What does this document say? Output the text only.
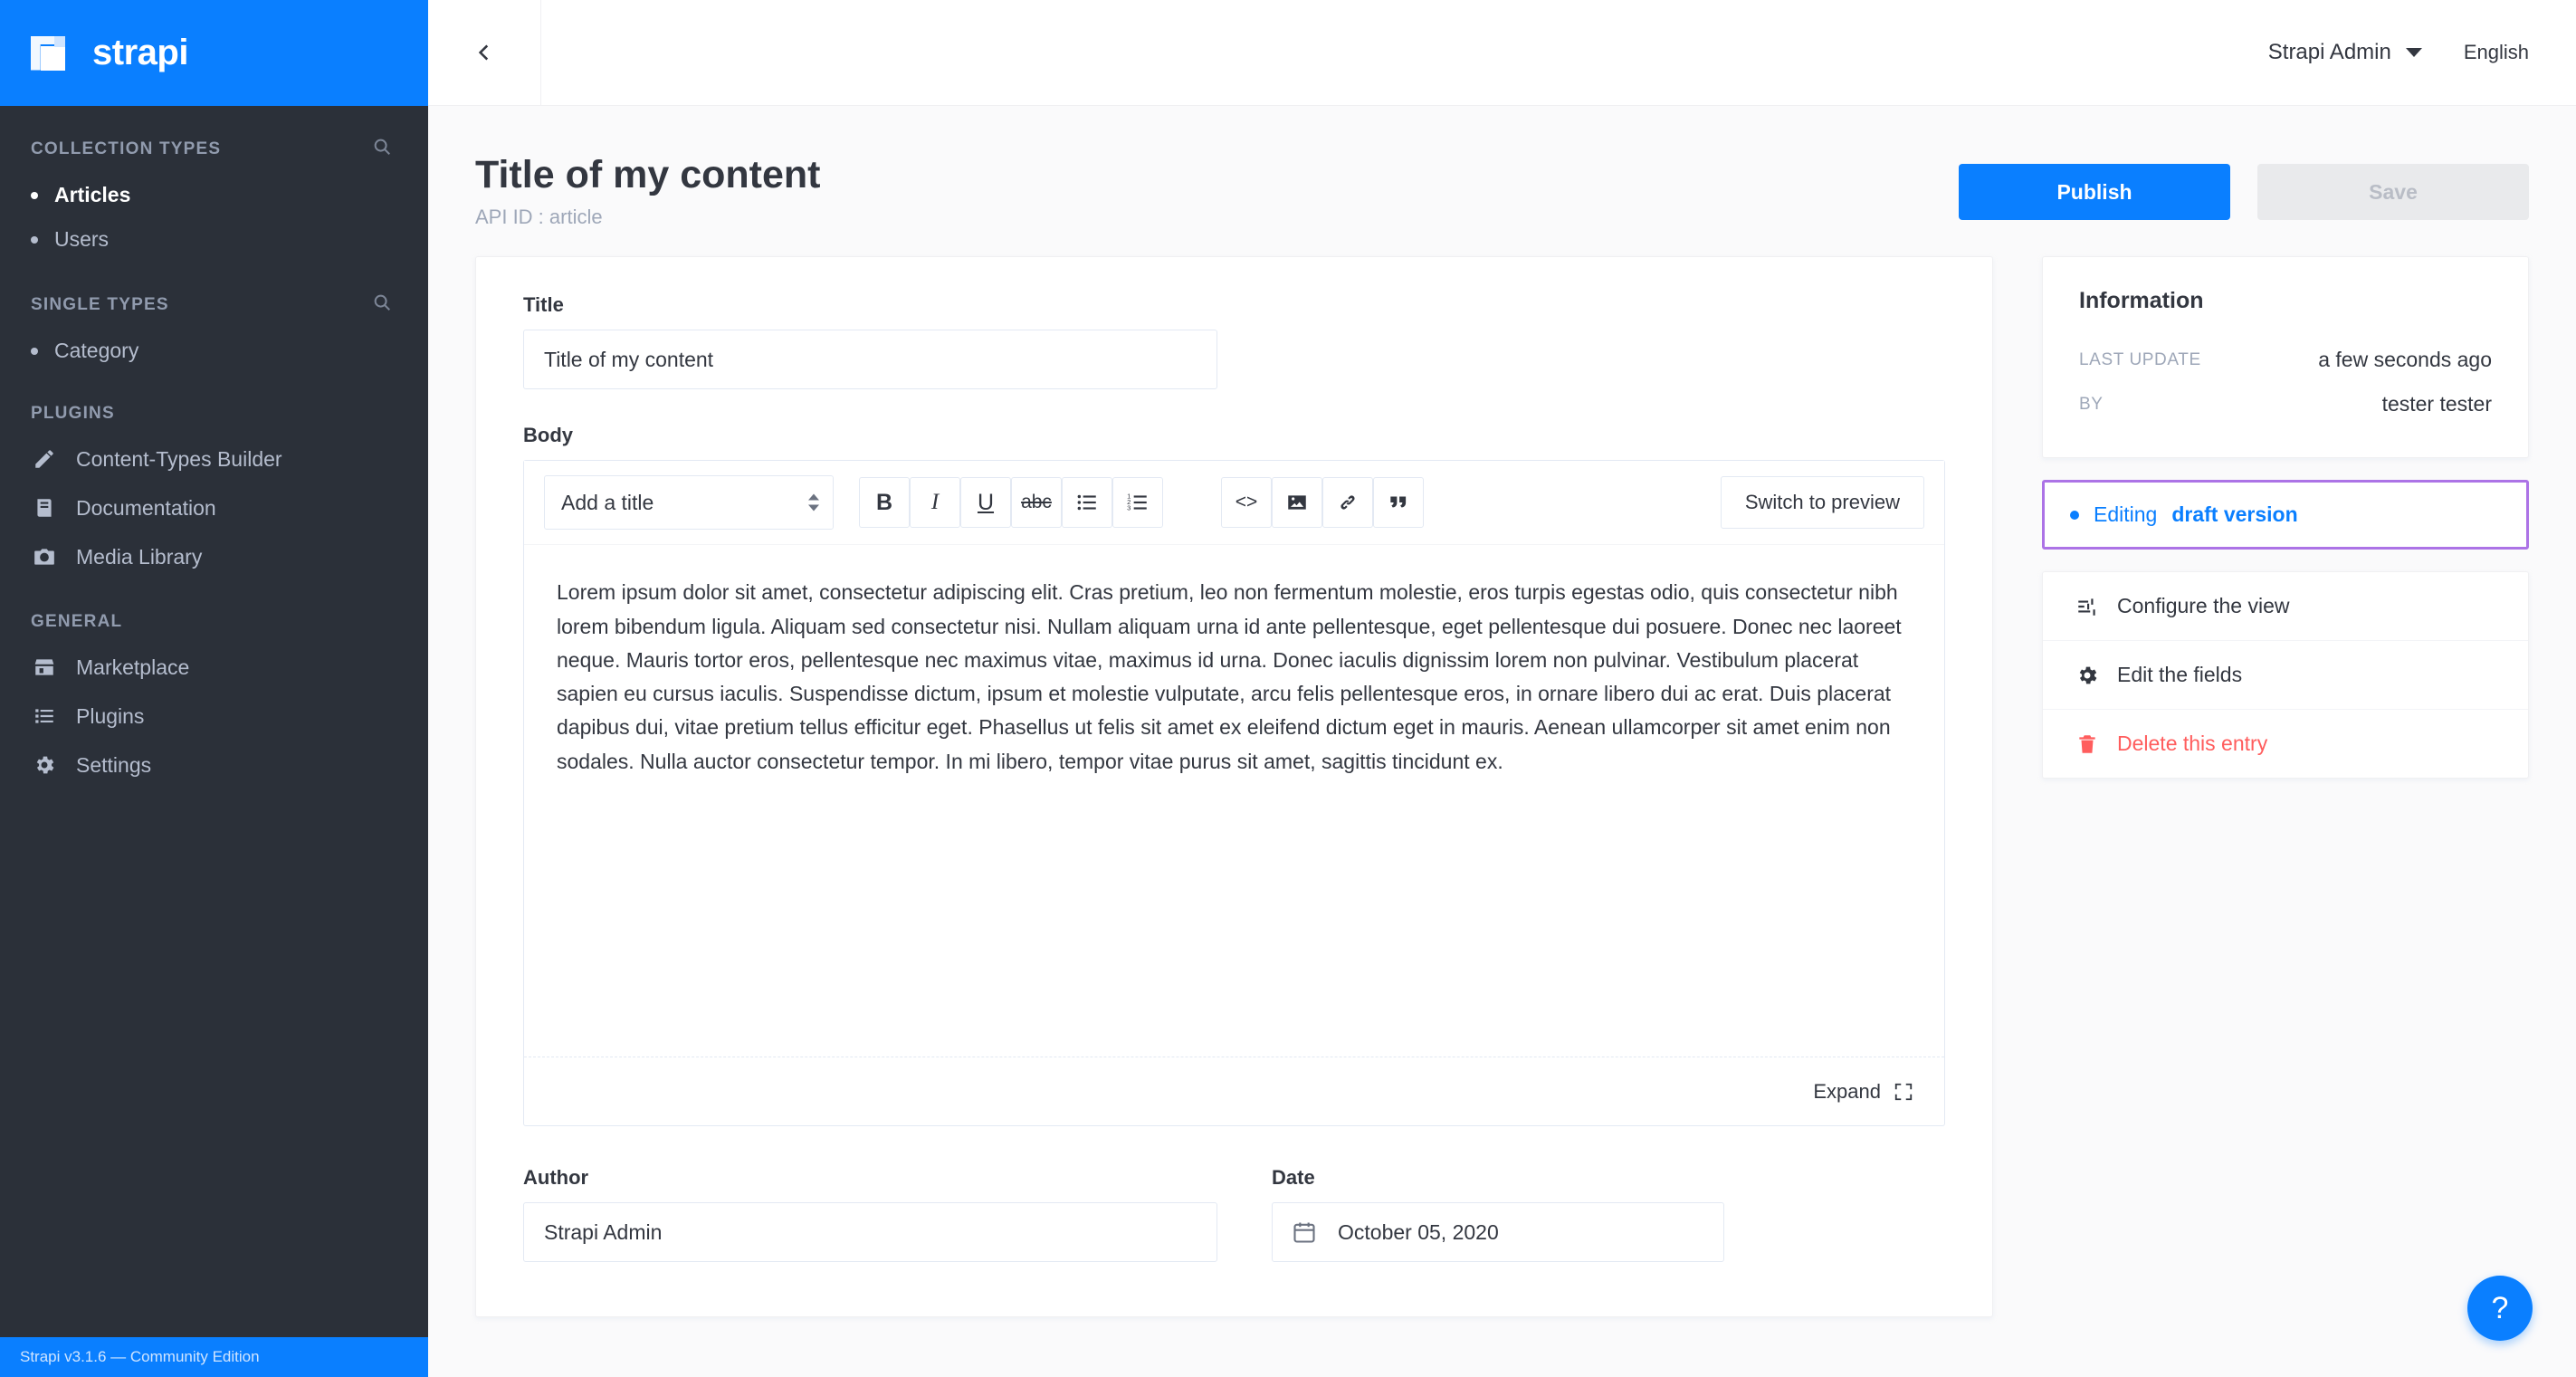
strapi
COLLECTION TYPES
Articles
Users
SINGLE TYPES
Category
PLUGINS
Content-Types Builder
Documentation
Media Library
GENERAL
Marketplace
Plugins
Settings
Strapi v3.1.6 — Community Edition
Strapi Admin	English
Title of my content
API ID : article
Publish	Save
Title
Title of my content
Body
Add a title
B	I	U	abc	1
2
3	<>	Switch to preview
Lorem ipsum dolor sit amet, consectetur adipiscing elit. Cras pretium, leo non fermentum molestie, eros turpis egestas odio, quis consectetur nibh lorem bibendum ligula. Aliquam sed consectetur nisi. Nullam aliquam urna id ante pellentesque, eget pellentesque dui posuere. Donec nec laoreet neque. Mauris tortor eros, pellentesque nec maximus vitae, maximus id urna. Donec iaculis dignissim lorem non pulvinar. Vestibulum placerat sapien eu cursus iaculis. Suspendisse dictum, ipsum et molestie vulputate, arcu felis pellentesque eros, in ornare libero dui ac erat. Duis placerat dapibus dui, vitae pretium tellus efficitur eget. Phasellus ut felis sit amet ex eleifend dictum eget in mauris. Aenean ullamcorper sit amet enim non sodales. Nulla auctor consectetur tempor. In mi libero, tempor vitae purus sit amet, sagittis tincidunt ex.
Expand
Author
Strapi Admin	Date
October 05, 2020
Information
LAST UPDATE	a few seconds ago
BY	tester tester
Editing draft version
Configure the view
Edit the fields
Delete this entry
?
